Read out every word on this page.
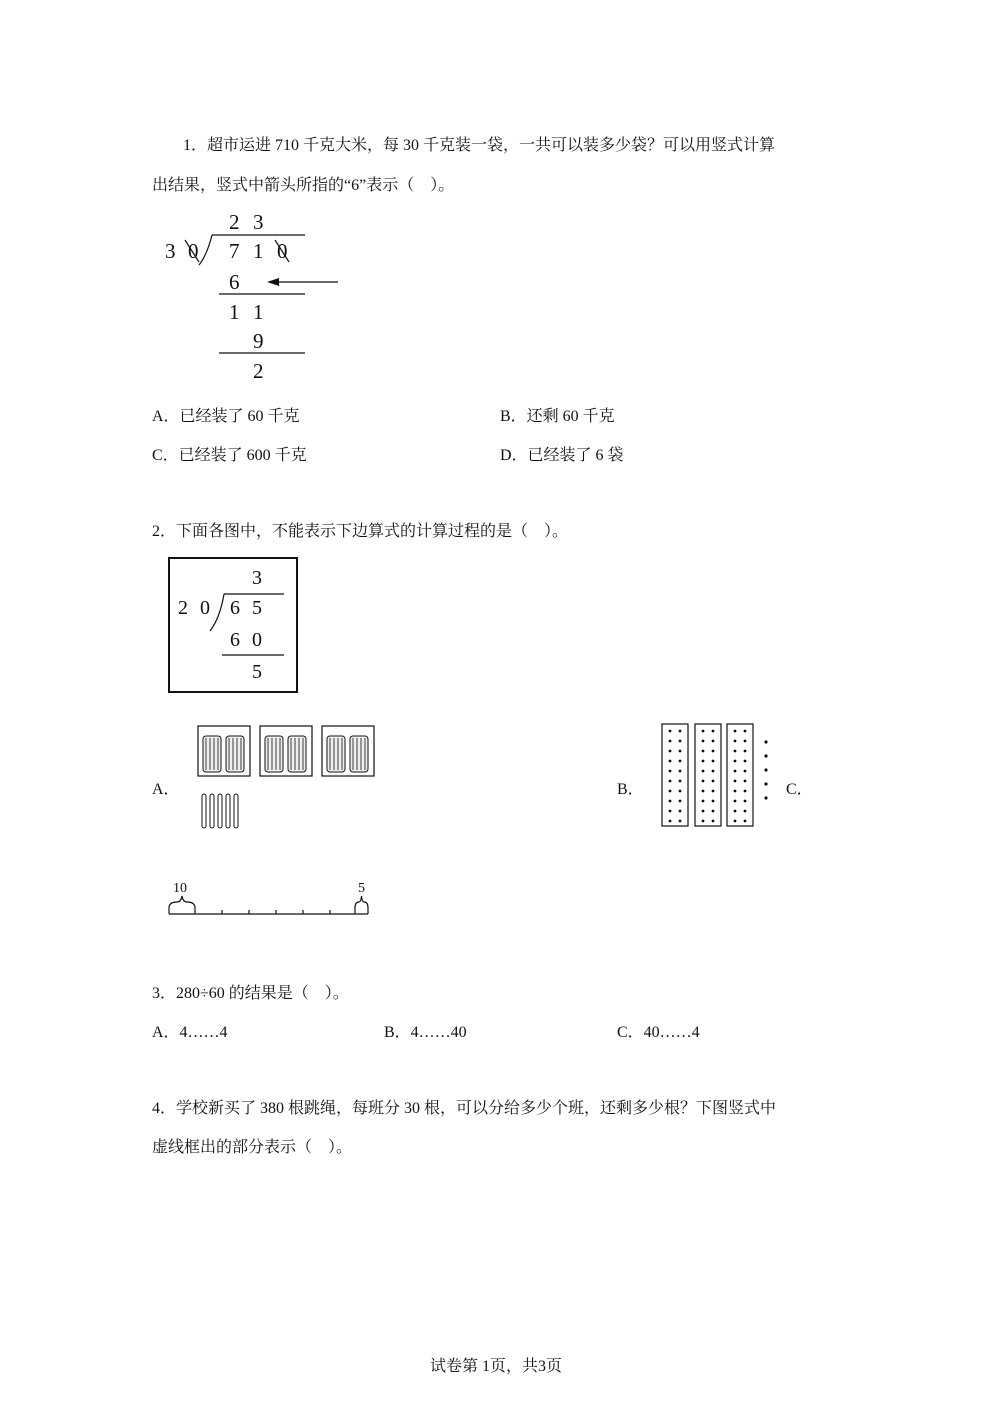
1．超市运进 710 千克大米，每 30 千克装一袋，一共可以装多少袋？可以用竖式计算
出结果，竖式中箭头所指的“6”表示（　）。
2 3
3 0 7 1 0
6
1 1
9
2
A．已经装了 60 千克	B．还剩 60 千克
C．已经装了 600 千克	D．已经装了 6 袋
2．下面各图中，不能表示下边算式的计算过程的是（　）。
3
2 0 6 5
6 0
5
A．	B．	C．
10	5
3．280÷60 的结果是（　）。
A．4……4	B．4……40	C．40……4
4．学校新买了 380 根跳绳，每班分 30 根，可以分给多少个班，还剩多少根？下图竖式中
虚线框出的部分表示（　）。
试卷第 1页，共3页
